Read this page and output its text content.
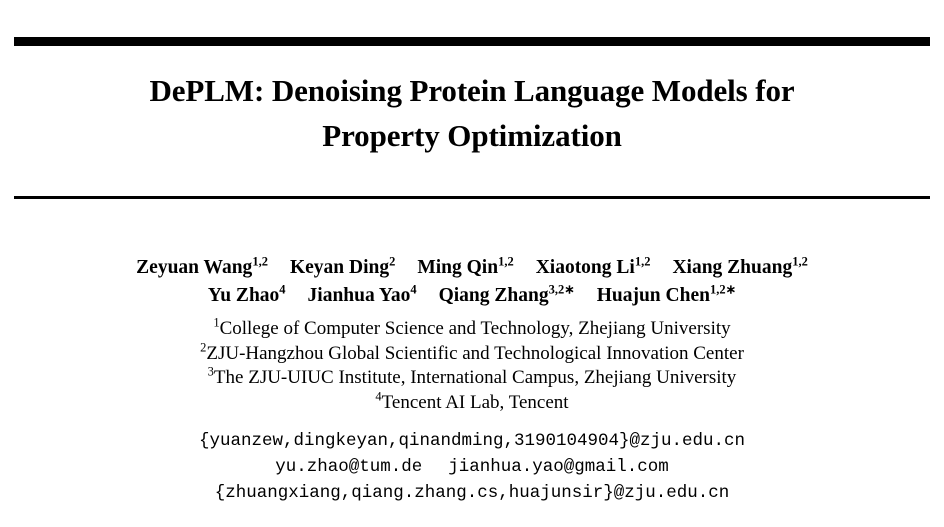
DePLM: Denoising Protein Language Models for
Property Optimization
Zeyuan Wang$^{1,2}$ Keyan Ding$^2$ Ming Qin$^{1,2}$ Xiaotong Li$^{1,2}$ Xiang Zhuang$^{1,2}$
Yu Zhao$^4$ Jianhua Yao$^4$ Qiang Zhang$^{3,2∗}$ Huajun Chen$^{1,2∗}$
$^1$College of Computer Science and Technology, Zhejiang University
$^2$ZJU-Hangzhou Global Scientific and Technological Innovation Center
$^3$The ZJU-UIUC Institute, International Campus, Zhejiang University
$^4$Tencent AI Lab, Tencent
{yuanzew,dingkeyan,qinandming,3190104904}@zju.edu.cn
yu.zhao@tum.de jianhua.yao@gmail.com
{zhuangxiang,qiang.zhang.cs,huajunsir}@zju.edu.cn
